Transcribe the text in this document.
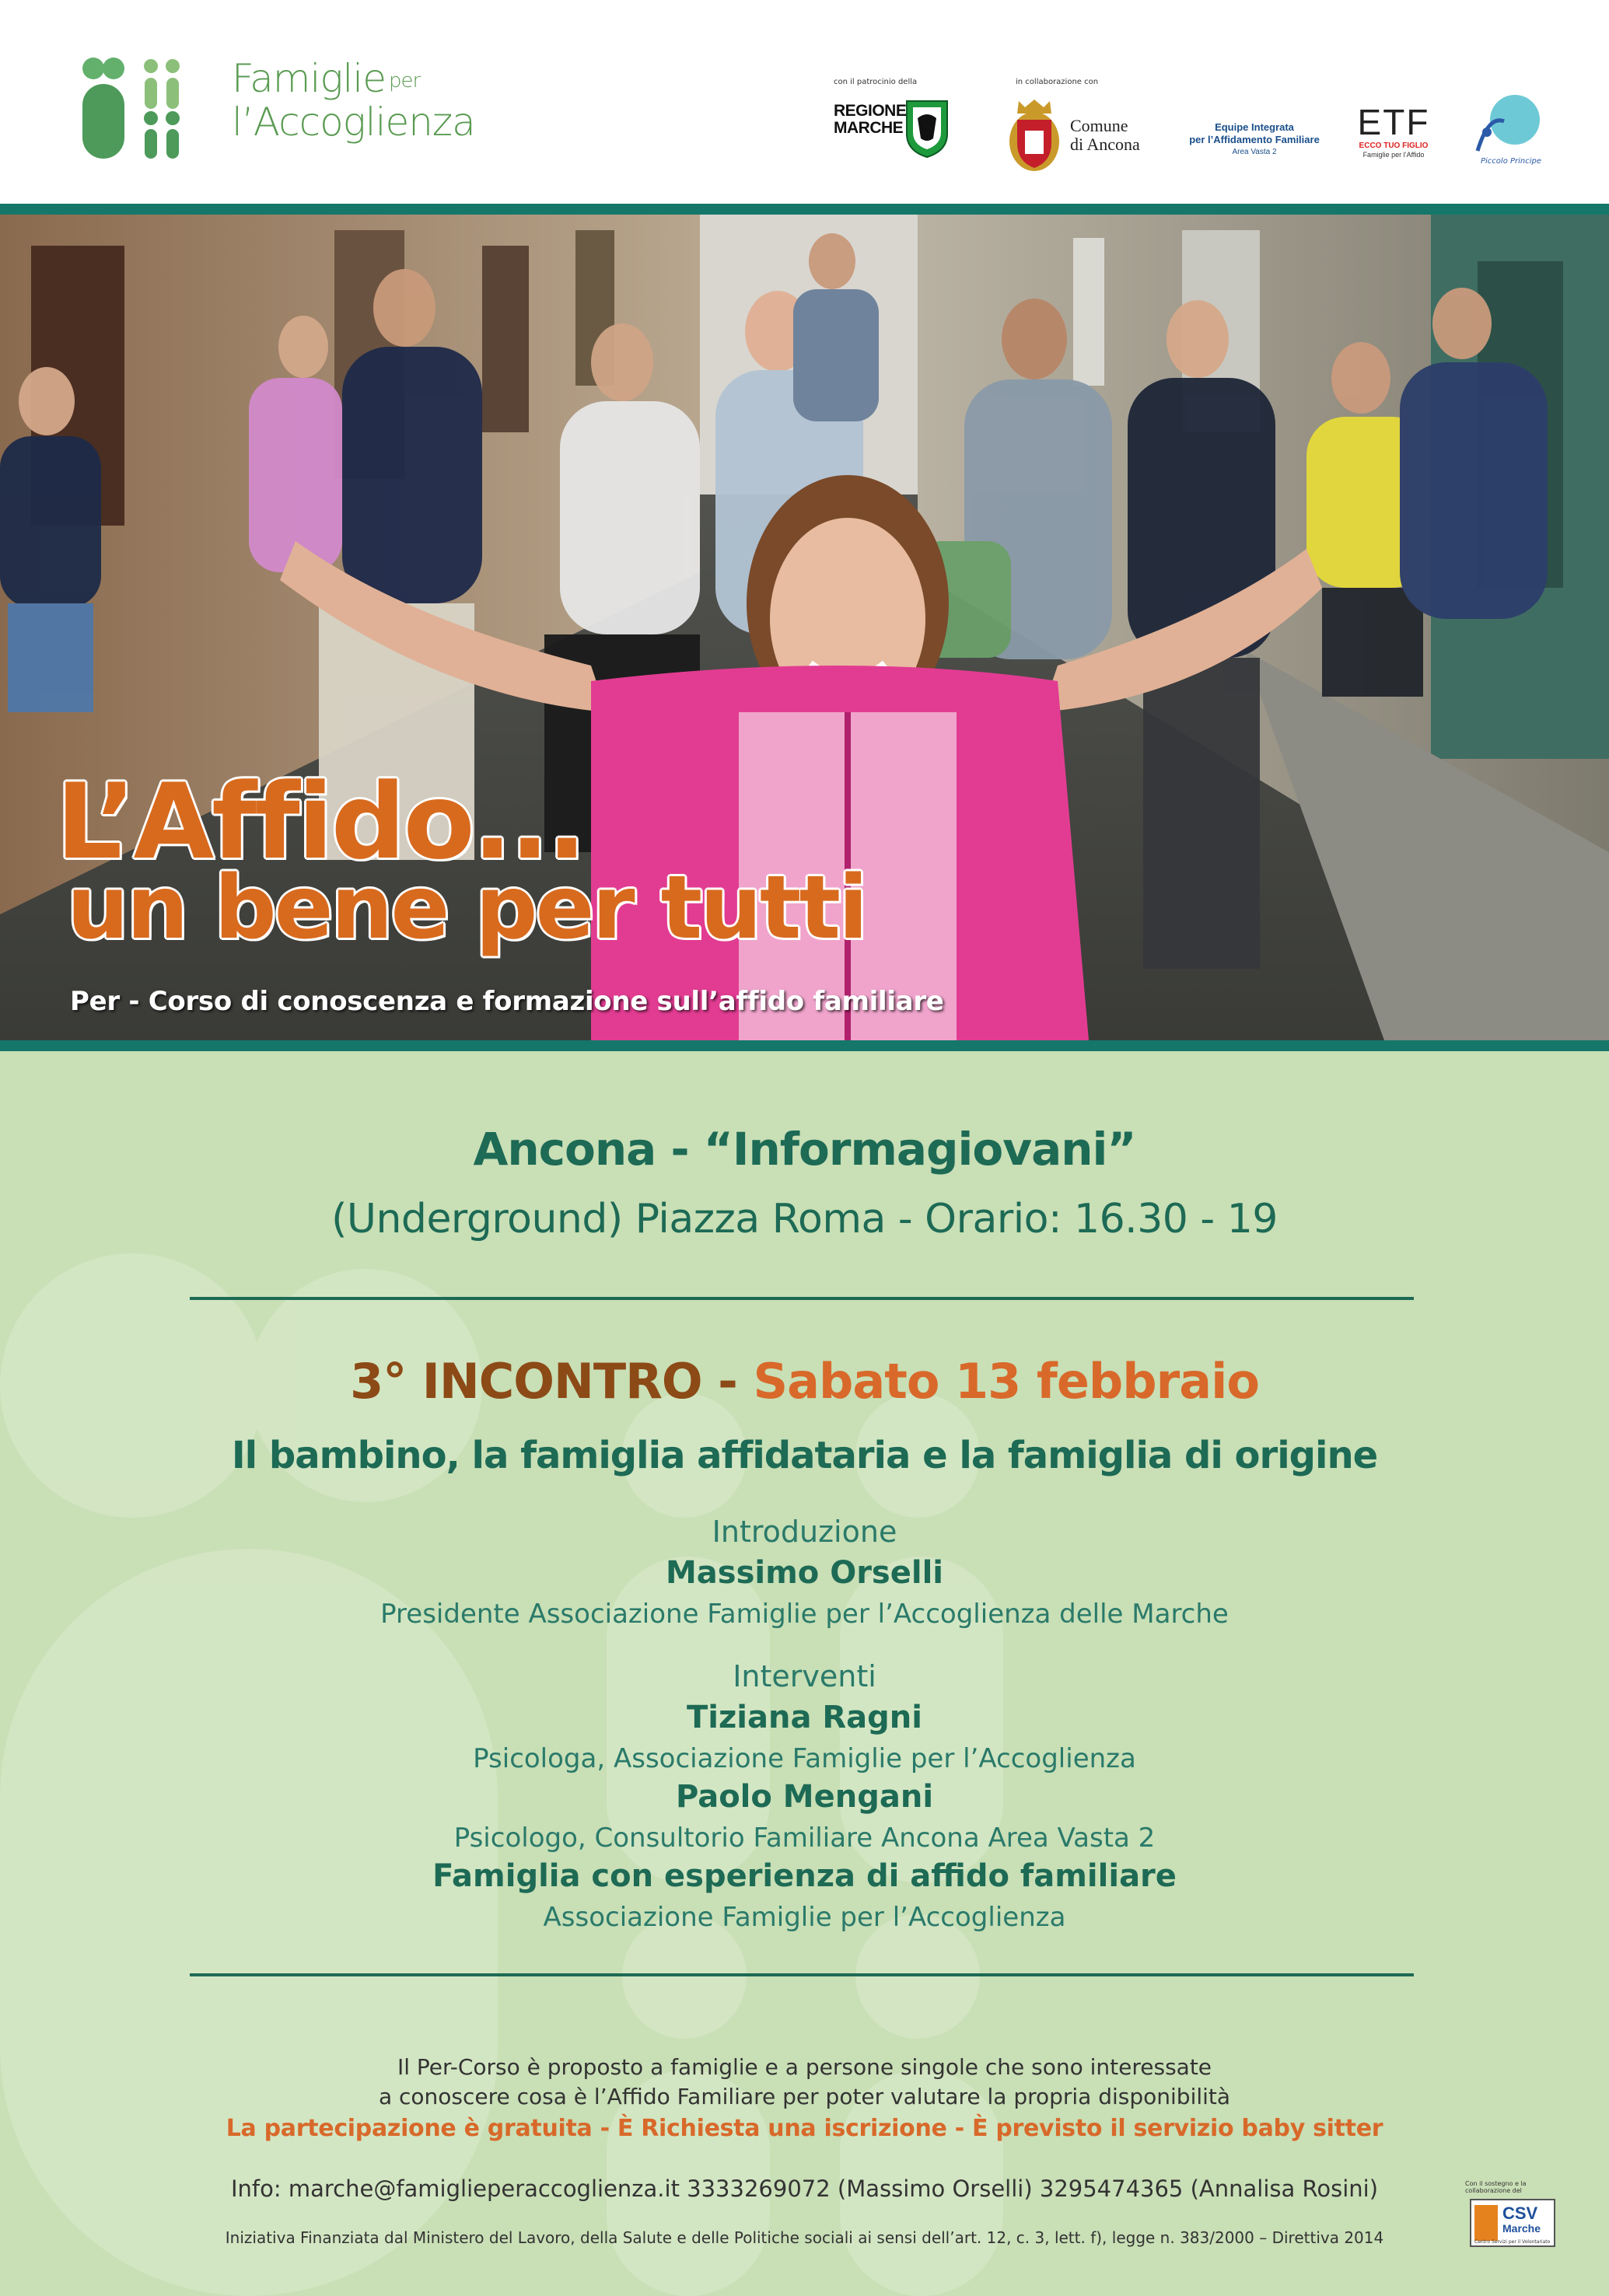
Famiglie per
l’Accoglienza
con il patrocinio della
REGIONE MARCHE
in collaborazione con
Comune
di Ancona
Equipe Integrata
per l’Affidamento Familiare
Area Vasta 2
ETF
ECCO TUO FIGLIO
Famiglie per l’Affido
Piccolo Principe
L’Affido...
un bene per tutti
Per - Corso di conoscenza e formazione sull’affido familiare
Ancona - “Informagiovani”
(Underground) Piazza Roma - Orario: 16.30 - 19
3° INCONTRO - Sabato 13 febbraio
Il bambino, la famiglia affidataria e la famiglia di origine
Introduzione
Massimo Orselli
Presidente Associazione Famiglie per l’Accoglienza delle Marche
Interventi
Tiziana Ragni
Psicologa, Associazione Famiglie per l’Accoglienza
Paolo Mengani
Psicologo, Consultorio Familiare Ancona Area Vasta 2
Famiglia con esperienza di affido familiare
Associazione Famiglie per l’Accoglienza
Il Per-Corso è proposto a famiglie e a persone singole che sono interessate
a conoscere cosa è l’Affido Familiare per poter valutare la propria disponibilità
La partecipazione è gratuita - È Richiesta una iscrizione - È previsto il servizio baby sitter
Info: marche@famiglieperaccoglienza.it 3333269072 (Massimo Orselli) 3295474365 (Annalisa Rosini)
Iniziativa Finanziata dal Ministero del Lavoro, della Salute e delle Politiche sociali ai sensi dell’art. 12, c. 3, lett. f), legge n. 383/2000 – Direttiva 2014
Con il sostegno e la collaborazione del
CSV
Marche
Centro Servizi per il Volontariato
